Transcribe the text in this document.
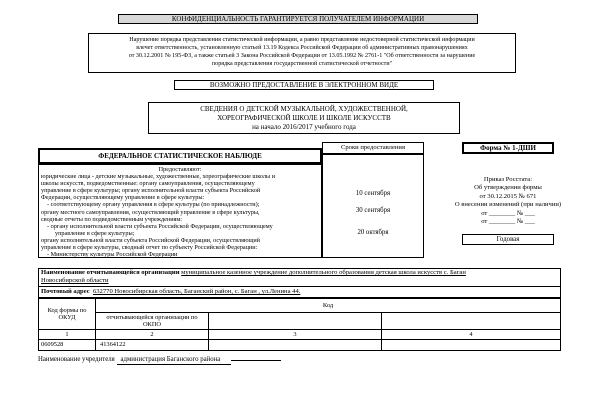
КОНФИДЕНЦИАЛЬНОСТЬ ГАРАНТИРУЕТСЯ ПОЛУЧАТЕЛЕМ ИНФОРМАЦИИ
Нарушение порядка представления статистической информации, а равно представление недостоверной статистической информации
влечет ответственность, установленную статьей 13.19 Кодекса Российской Федерации об административных правонарушениях
от 30.12.2001 № 195-ФЗ, а также статьей 3 Закона Российской Федерации от 13.05.1992 № 2761-1 "Об ответственности за нарушение
порядка представления государственной статистической отчетности"
ВОЗМОЖНО ПРЕДОСТАВЛЕНИЕ В ЭЛЕКТРОННОМ ВИДЕ
СВЕДЕНИЯ О ДЕТСКОЙ МУЗЫКАЛЬНОЙ, ХУДОЖЕСТВЕННОЙ,
ХОРЕОГРАФИЧЕСКОЙ ШКОЛЕ И ШКОЛЕ ИСКУССТВ
на начало 2016/2017 учебного года
ФЕДЕРАЛЬНОЕ СТАТИСТИЧЕСКОЕ НАБЛЮДЕ
Предоставляют:
юридические лица - детские музыкальные, художественные, хореографические школы и
школы искусств, подведомственные: органу самоуправления, осуществляющему
управление в сфере культуры; органу исполнительной власти субъекта Российской
Федерации, осуществляющему управление в сфере культуры:
- соответствующему органу управления в сфере культуры (по принадлежности);
органу местного самоуправления, осуществляющий управление в сфере культуры,
сводные отчеты по подведомственным учреждениям:
- органу исполнительной власти субъекта Российской Федерации, осуществляющему
управление в сфере культуры;
органу исполнительной власти субъекта Российской Федерации, осуществляющий
управление в сфере культуры, сводный отчет по субъекту Российской Федерации:
- Министерству культуры Российской Федерации
Сроки предоставления
10 сентября
30 сентября
20 октября
Форма № 1-ДШИ
Приказ Росстата:
Об утверждении формы
от 30.12.2015 № 671
О внесении изменений (при наличии)
от ________ № ___
от ________ № ___
Годовая
Наименование отчитывающейся организации муниципальное казенное учреждение дополнительного образования детская школа искусств с. Баган
Новосибирской области
Почтовый адрес 632770 Новосибирская область, Баганский район, с. Баган , ул.Ленина 44.
Код формы по ОКУД	Код		
	отчитывающейся организации по ОКПО		
1	2	3	4
0609528	41364122		
Наименование учредителя администрация Баганского района
